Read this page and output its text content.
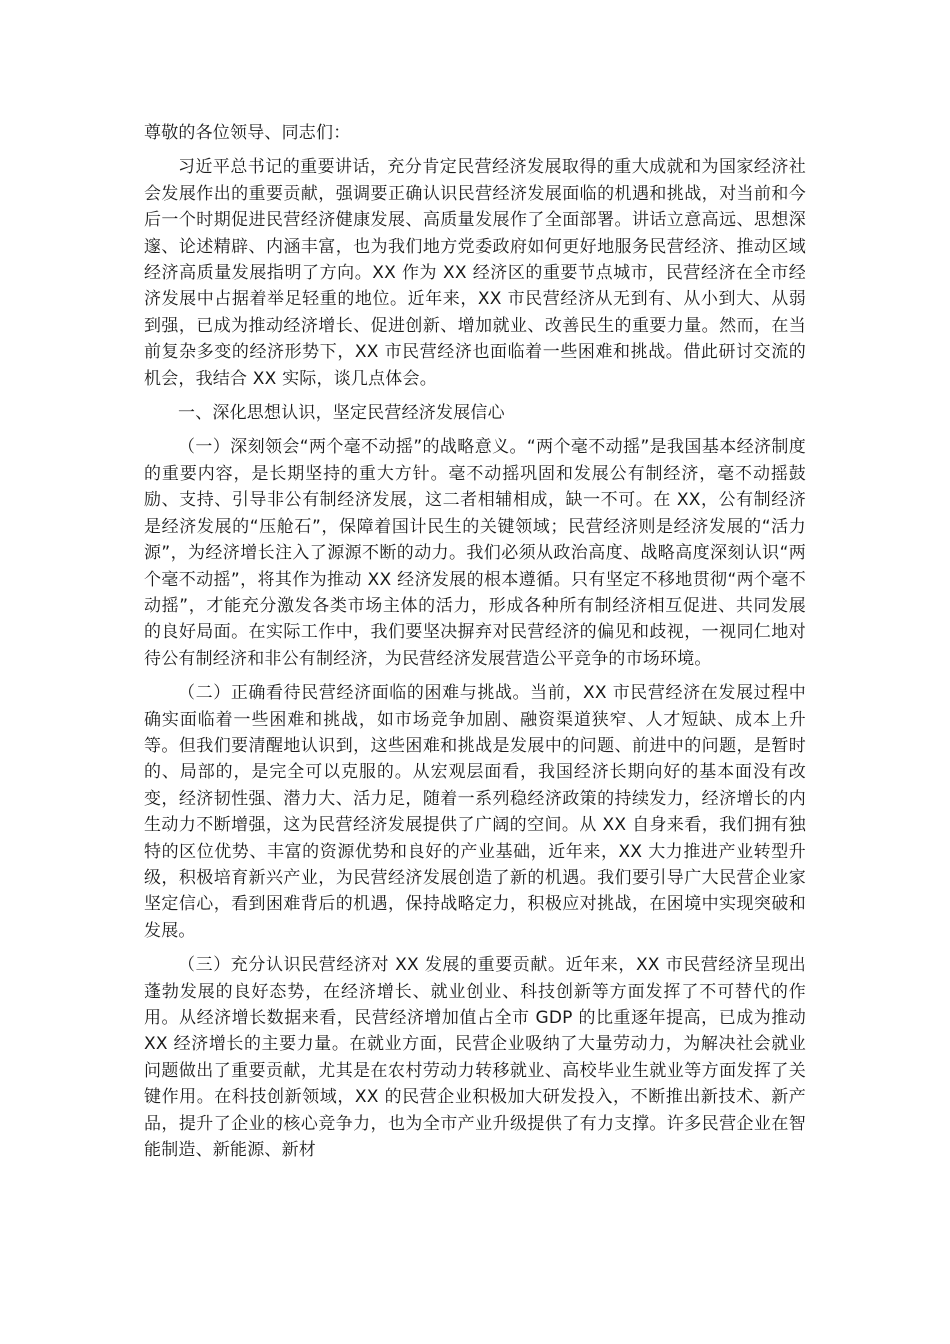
尊敬的各位领导、同志们：

习近平总书记的重要讲话，充分肯定民营经济发展取得的重大成就和为国家经济社会发展作出的重要贡献，强调要正确认识民营经济发展面临的机遇和挑战，对当前和今后一个时期促进民营经济健康发展、高质量发展作了全面部署。讲话立意高远、思想深邃、论述精辟、内涵丰富，也为我们地方党委政府如何更好地服务民营经济、推动区域经济高质量发展指明了方向。XX 作为 XX 经济区的重要节点城市，民营经济在全市经济发展中占据着举足轻重的地位。近年来，XX 市民营经济从无到有、从小到大、从弱到强，已成为推动经济增长、促进创新、增加就业、改善民生的重要力量。然而，在当前复杂多变的经济形势下，XX 市民营经济也面临着一些困难和挑战。借此研讨交流的机会，我结合 XX 实际，谈几点体会。

一、深化思想认识，坚定民营经济发展信心

（一）深刻领会“两个毫不动摇”的战略意义。“两个毫不动摇”是我国基本经济制度的重要内容，是长期坚持的重大方针。毫不动摇巩固和发展公有制经济，毫不动摇鼓励、支持、引导非公有制经济发展，这二者相辅相成，缺一不可。在 XX，公有制经济是经济发展的“压舱石”，保障着国计民生的关键领域；民营经济则是经济发展的“活力源”，为经济增长注入了源源不断的动力。我们必须从政治高度、战略高度深刻认识“两个毫不动摇”，将其作为推动 XX 经济发展的根本遵循。只有坚定不移地贯彻“两个毫不动摇”，才能充分激发各类市场主体的活力，形成各种所有制经济相互促进、共同发展的良好局面。在实际工作中，我们要坚决摒弃对民营经济的偏见和歧视，一视同仁地对待公有制经济和非公有制经济，为民营经济发展营造公平竞争的市场环境。

（二）正确看待民营经济面临的困难与挑战。当前，XX 市民营经济在发展过程中确实面临着一些困难和挑战，如市场竞争加剧、融资渠道狭窄、人才短缺、成本上升等。但我们要清醒地认识到，这些困难和挑战是发展中的问题、前进中的问题，是暂时的、局部的，是完全可以克服的。从宏观层面看，我国经济长期向好的基本面没有改变，经济韧性强、潜力大、活力足，随着一系列稳经济政策的持续发力，经济增长的内生动力不断增强，这为民营经济发展提供了广阔的空间。从 XX 自身来看，我们拥有独特的区位优势、丰富的资源优势和良好的产业基础，近年来，XX 大力推进产业转型升级，积极培育新兴产业，为民营经济发展创造了新的机遇。我们要引导广大民营企业家坚定信心，看到困难背后的机遇，保持战略定力，积极应对挑战，在困境中实现突破和发展。

（三）充分认识民营经济对 XX 发展的重要贡献。近年来，XX 市民营经济呈现出蓬勃发展的良好态势，在经济增长、就业创业、科技创新等方面发挥了不可替代的作用。从经济增长数据来看，民营经济增加值占全市 GDP 的比重逐年提高，已成为推动 XX 经济增长的主要力量。在就业方面，民营企业吸纳了大量劳动力，为解决社会就业问题做出了重要贡献，尤其是在农村劳动力转移就业、高校毕业生就业等方面发挥了关键作用。在科技创新领域，XX 的民营企业积极加大研发投入，不断推出新技术、新产品，提升了企业的核心竞争力，也为全市产业升级提供了有力支撑。许多民营企业在智能制造、新能源、新材
